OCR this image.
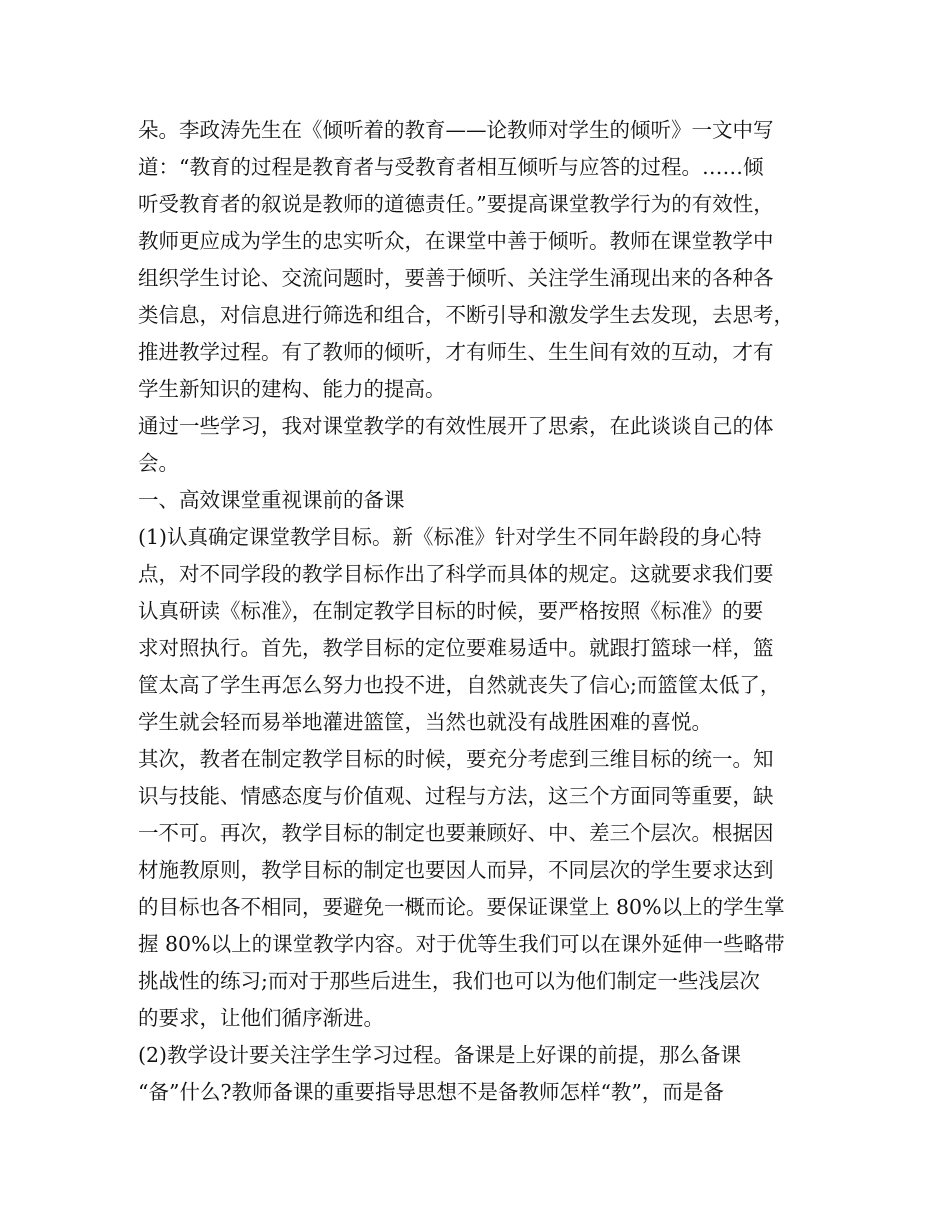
朵。李政涛先生在《倾听着的教育——论教师对学生的倾听》一文中写
道：“教育的过程是教育者与受教育者相互倾听与应答的过程。……倾
听受教育者的叙说是教师的道德责任。”要提高课堂教学行为的有效性，
教师更应成为学生的忠实听众，在课堂中善于倾听。教师在课堂教学中
组织学生讨论、交流问题时，要善于倾听、关注学生涌现出来的各种各
类信息，对信息进行筛选和组合，不断引导和激发学生去发现，去思考，
推进教学过程。有了教师的倾听，才有师生、生生间有效的互动，才有
学生新知识的建构、能力的提高。
通过一些学习，我对课堂教学的有效性展开了思索，在此谈谈自己的体
会。
一、高效课堂重视课前的备课
(1)认真确定课堂教学目标。新《标准》针对学生不同年龄段的身心特
点，对不同学段的教学目标作出了科学而具体的规定。这就要求我们要
认真研读《标准》，在制定教学目标的时候，要严格按照《标准》的要
求对照执行。首先，教学目标的定位要难易适中。就跟打篮球一样，篮
筐太高了学生再怎么努力也投不进，自然就丧失了信心;而篮筐太低了，
学生就会轻而易举地灌进篮筐，当然也就没有战胜困难的喜悦。
其次，教者在制定教学目标的时候，要充分考虑到三维目标的统一。知
识与技能、情感态度与价值观、过程与方法，这三个方面同等重要，缺
一不可。再次，教学目标的制定也要兼顾好、中、差三个层次。根据因
材施教原则，教学目标的制定也要因人而异，不同层次的学生要求达到
的目标也各不相同，要避免一概而论。要保证课堂上 80%以上的学生掌
握 80%以上的课堂教学内容。对于优等生我们可以在课外延伸一些略带
挑战性的练习;而对于那些后进生，我们也可以为他们制定一些浅层次
的要求，让他们循序渐进。
(2)教学设计要关注学生学习过程。备课是上好课的前提，那么备课
“备”什么?教师备课的重要指导思想不是备教师怎样“教”，而是备
